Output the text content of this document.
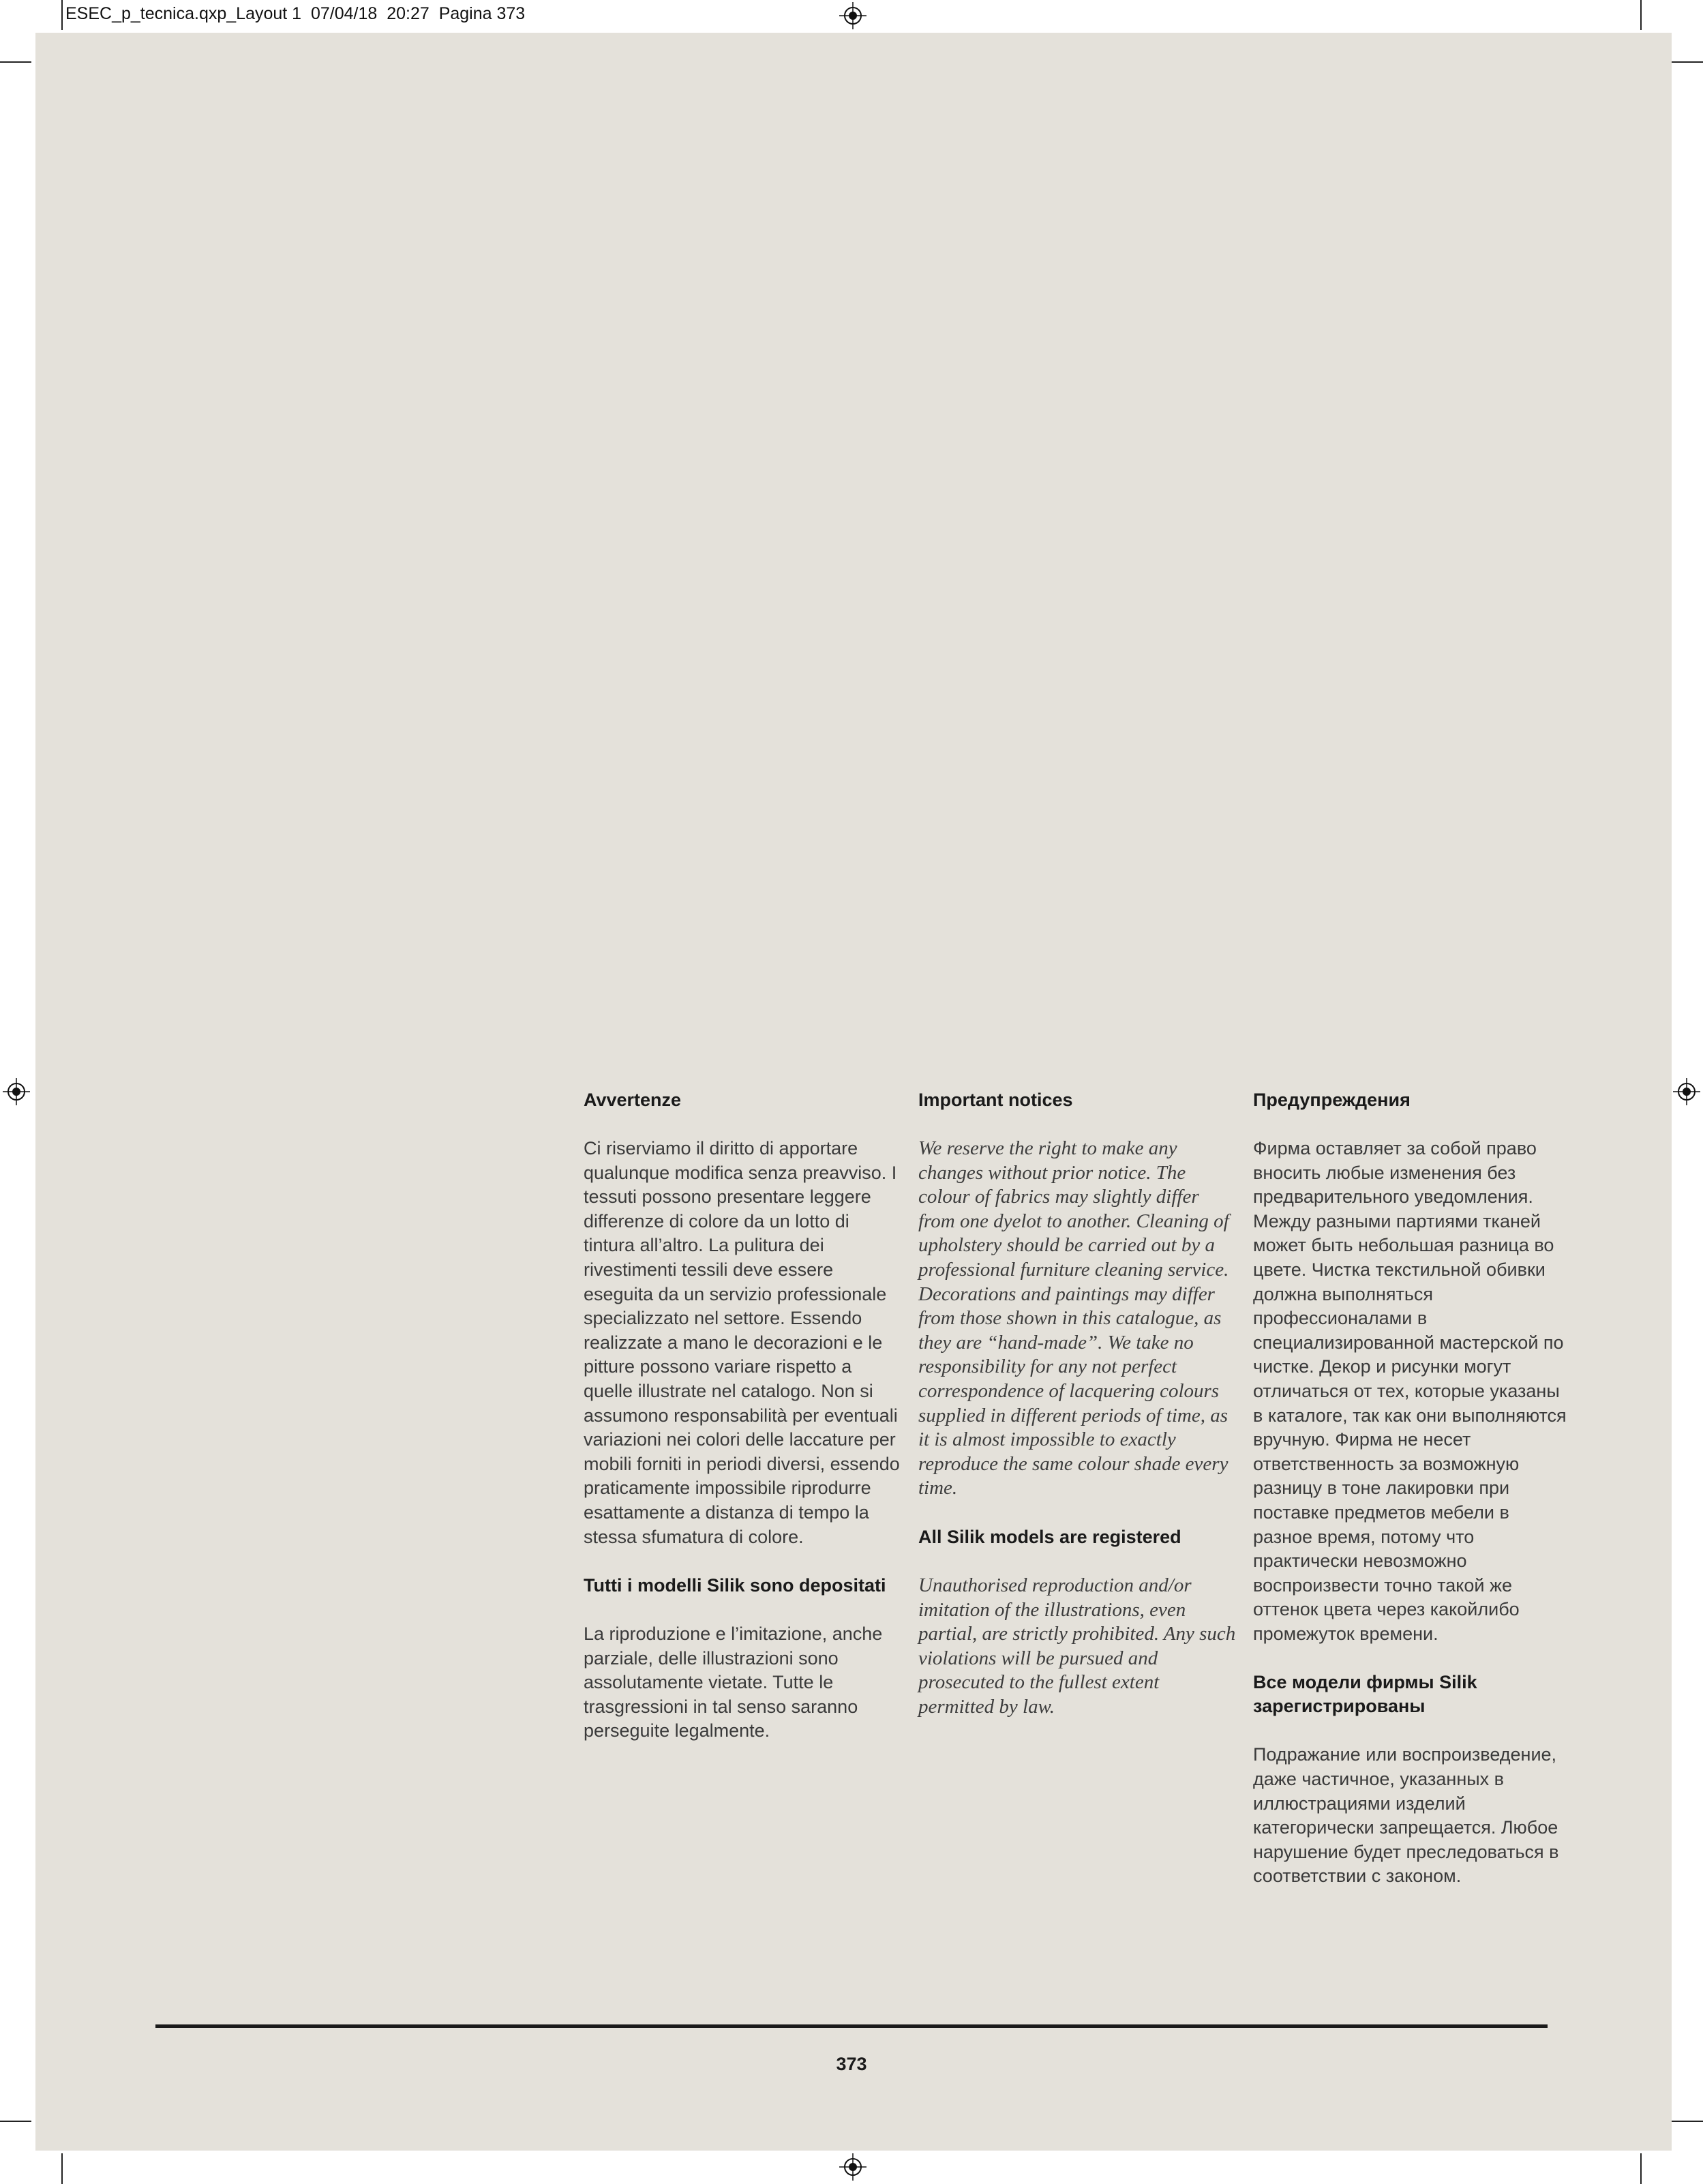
ESEC_p_tecnica.qxp_Layout 1 07/04/18 20:27 Pagina 373
Avvertenze

Ci riserviamo il diritto di apportare qualunque modifica senza preavviso. I tessuti possono presentare leggere differenze di colore da un lotto di tintura all’altro. La pulitura dei rivestimenti tessili deve essere eseguita da un servizio professionale specializzato nel settore. Essendo realizzate a mano le decorazioni e le pitture possono variare rispetto a quelle illustrate nel catalogo. Non si assumono responsabilità per eventuali variazioni nei colori delle laccature per mobili forniti in periodi diversi, essendo praticamente impossibile riprodurre esattamente a distanza di tempo la stessa sfumatura di colore.

Tutti i modelli Silik sono depositati

La riproduzione e l’imitazione, anche parziale, delle illustrazioni sono assolutamente vietate. Tutte le trasgressioni in tal senso saranno perseguite legalmente.

Important notices

We reserve the right to make any changes without prior notice. The colour of fabrics may slightly differ from one dyelot to another. Cleaning of upholstery should be carried out by a professional furniture cleaning service. Decorations and paintings may differ from those shown in this catalogue, as they are “hand-made”. We take no responsibility for any not perfect correspondence of lacquering colours supplied in different periods of time, as it is almost impossible to exactly reproduce the same colour shade every time.

All Silik models are registered

Unauthorised reproduction and/or imitation of the illustrations, even partial, are strictly prohibited. Any such violations will be pursued and prosecuted to the fullest extent permitted by law.

Предупреждения

Фирма оставляет за собой право вносить любые изменения без предварительного уведомления. Между разными партиями тканей может быть небольшая разница во цвете. Чистка текстильной обивки должна выполняться профессионалами в специализированной мастерской по чистке. Декор и рисунки могут отличаться от тех, которые указаны в каталоге, так как они выполняются вручную. Фирма не несет ответственность за возможную разницу в тоне лакировки при поставке предметов мебели в разное время, потому что практически невозможно воспроизвести точно такой же оттенок цвета через какойлибо промежуток времени.

Все модели фирмы Silik зарегистрированы

Подражание или воспроизведение, даже частичное, указанных в иллюстрациями изделий категорически запрещается. Любое нарушение будет преследоваться в соответствии с законом.

373
